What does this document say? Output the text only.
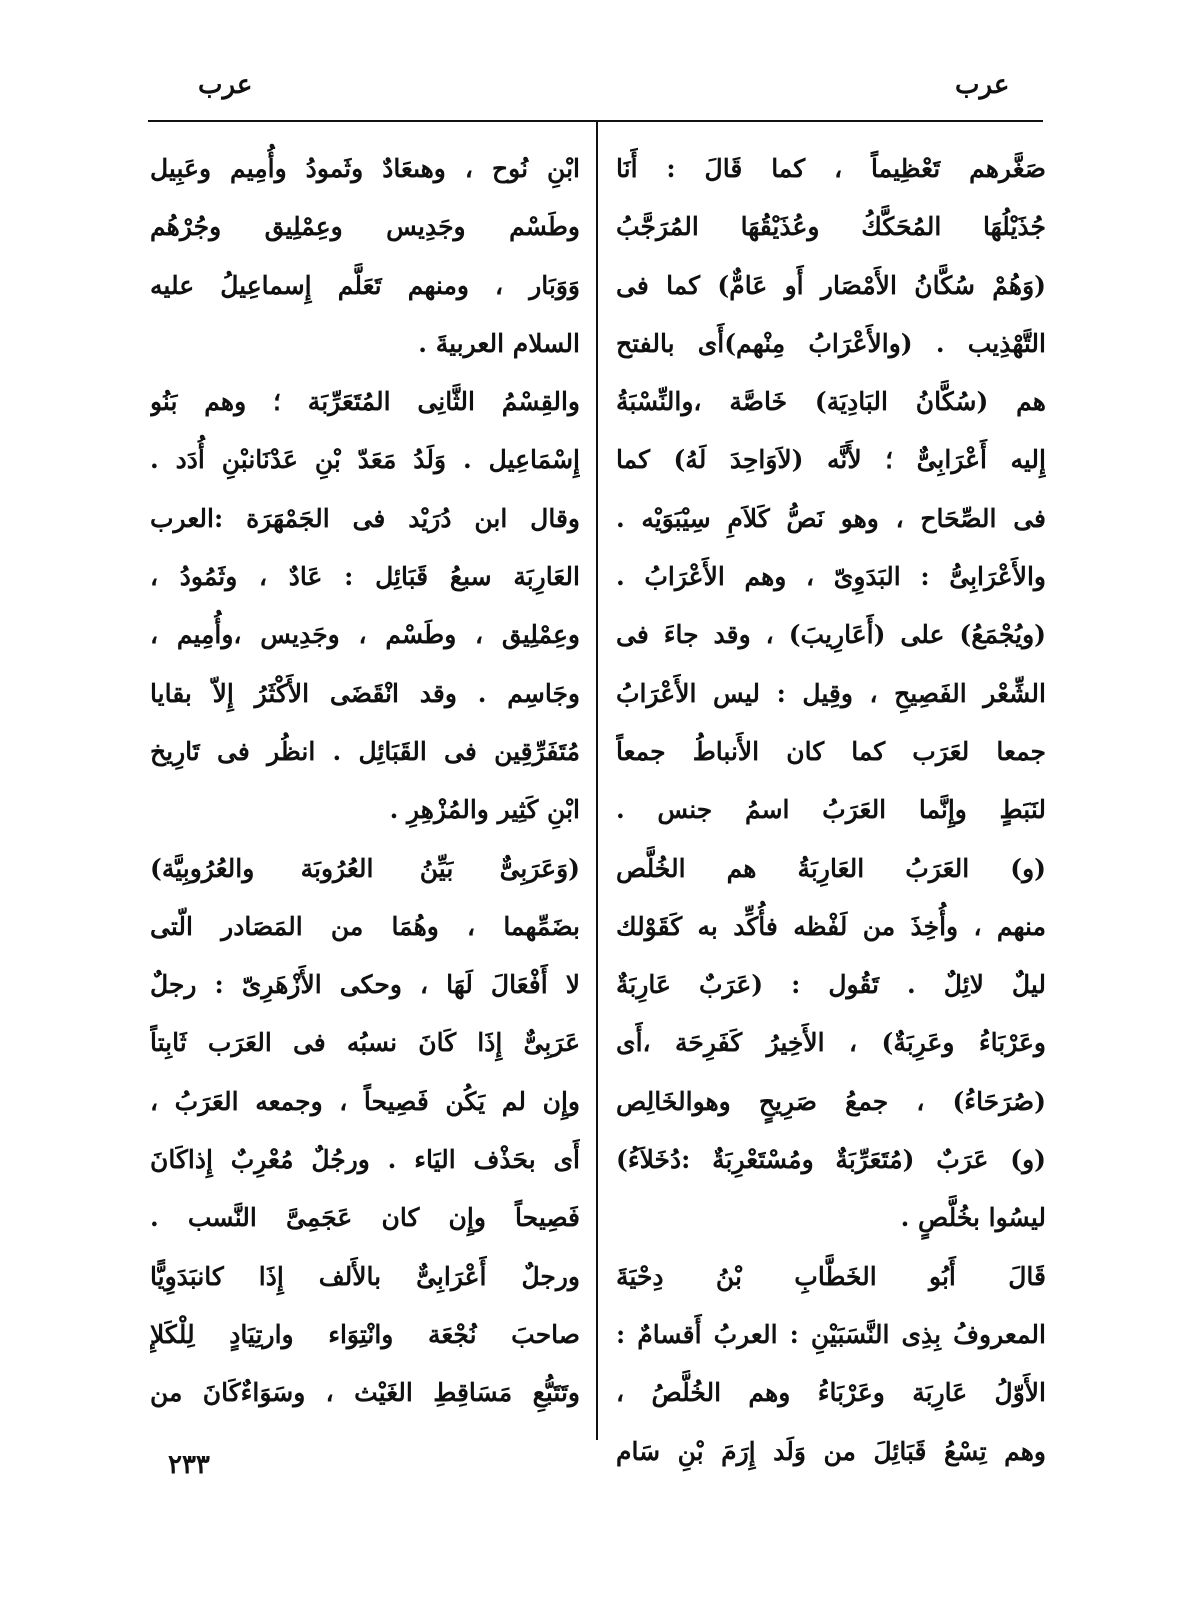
عرب
عرب
صَغَّرهم تَعْظِيماً ، كما قَالَ : أَنَا
جُذَيْلُهَا المُحَكَّكُ وعُذَيْقُهَا المُرَجَّبُ
(وَهُمْ سُكَّانُ الأَمْصَار أَو عَامٌّ) كما فى
التَّهْذِيب . (والأَعْرَابُ مِنْهم)أَى بالفتح
هم (سُكَّانُ البَادِيَة) خَاصَّة ،والنِّسْبَةُ
إِليه أَعْرَابِىٌّ ؛ لأَنَّه (لاَوَاحِدَ لَهُ) كما
فى الصِّحَاح ، وهو نَصُّ كَلاَمِ سِيْبَوَيْه .
والأَعْرَابِىُّ : البَدَوِىّ ، وهم الأَعْرَابُ .
(ويُجْمَعُ) على (أَعَارِيبَ) ، وقد جاءَ فى
الشِّعْر الفَصِيحِ ، وقِيل : ليس الأَعْرَابُ
جمعا لعَرَب كما كان الأَنباطُ جمعاً
لنَبَطٍ وإِنَّما العَرَبُ اسمُ جنس .
(و) العَرَبُ العَارِبَةُ هم الخُلَّص
منهم ، وأُخِذَ من لَفْظه فأُكِّد به كَقَوْلك
ليلٌ لائِلٌ . تَقُول : (عَرَبٌ عَارِبَةٌ
وعَرْبَاءُ وعَرِبَةٌ) ، الأَخِيرُ كَفَرِحَة ،أَى
(صُرَحَاءُ) ، جمعُ صَرِيحٍ وهوالخَالِص
(و) عَرَبٌ (مُتَعَرِّبَةٌ ومُسْتَعْرِبَةٌ :دُخَلاَءُ)
ليسُوا بخُلَّصٍ .
قَالَ أَبُو الخَطَّابِ بْنُ دِحْيَةَ
المعروفُ بِذِى النَّسَبَيْنِ : العربُ أَقسامٌ :
الأَوّلُ عَارِبَة وعَرْبَاءُ وهم الخُلَّصُ ،
وهم تِسْعُ قَبَائِلَ من وَلَد إِرَمَ بْنِ سَام
ابْنِ نُوح ، وهىعَادٌ وثَمودُ وأُمِيم وعَبِيل
وطَسْم وجَدِيس وعِمْلِيق وجُرْهُم
وَوَبَار ، ومنهم تَعَلَّم إِسماعِيلُ عليه
السلام العربيةَ .
والقِسْمُ الثَّانِى المُتَعَرِّبَة ؛ وهم بَنُو
إِسْمَاعِيل . وَلَدُ مَعَدّ بْنِ عَدْنَانبْنِ أُدَد .
وقال ابن دُرَيْد فى الجَمْهَرَة :العرب
العَارِبَة سبعُ قَبَائِل : عَادٌ ، وثَمُودُ ،
وعِمْلِيق ، وطَسْم ، وجَدِيس ،وأُمِيم ،
وجَاسِم . وقد انْقَضَى الأَكْثَرُ إِلاّ بقايا
مُتَفَرِّقِين فى القَبَائِل . انظُر فى تَارِيخ
ابْنِ كَثِير والمُزْهِرِ .
(وَعَرَبِىٌّ بَيِّنُ العُرُوبَة والعُرُوبِيَّة)
بضَمِّهما ، وهُمَا من المَصَادر الّتى
لا أَفْعَالَ لَهَا ، وحكى الأَزْهَرِىّ : رجلٌ
عَرَبِىٌّ إِذَا كَانَ نسبُه فى العَرَب ثَابِتاً
وإِن لم يَكُن فَصِيحاً ، وجمعه العَرَبُ ،
أَى بحَذْف اليَاء . ورجُلٌ مُعْرِبٌ إِذاكَانَ
فَصِيحاً وإِن كان عَجَمِىَّ النَّسب .
ورجلٌ أَعْرَابِىٌّ بالأَلف إِذَا كانبَدَوِيًّا
صاحبَ نُجْعَة وانْتِوَاء وارتِيَادٍ لِلْكَلإِ
وتَتَبُّعِ مَسَاقِطِ الغَيْث ، وسَوَاءٌكَانَ من
٢٣٣
